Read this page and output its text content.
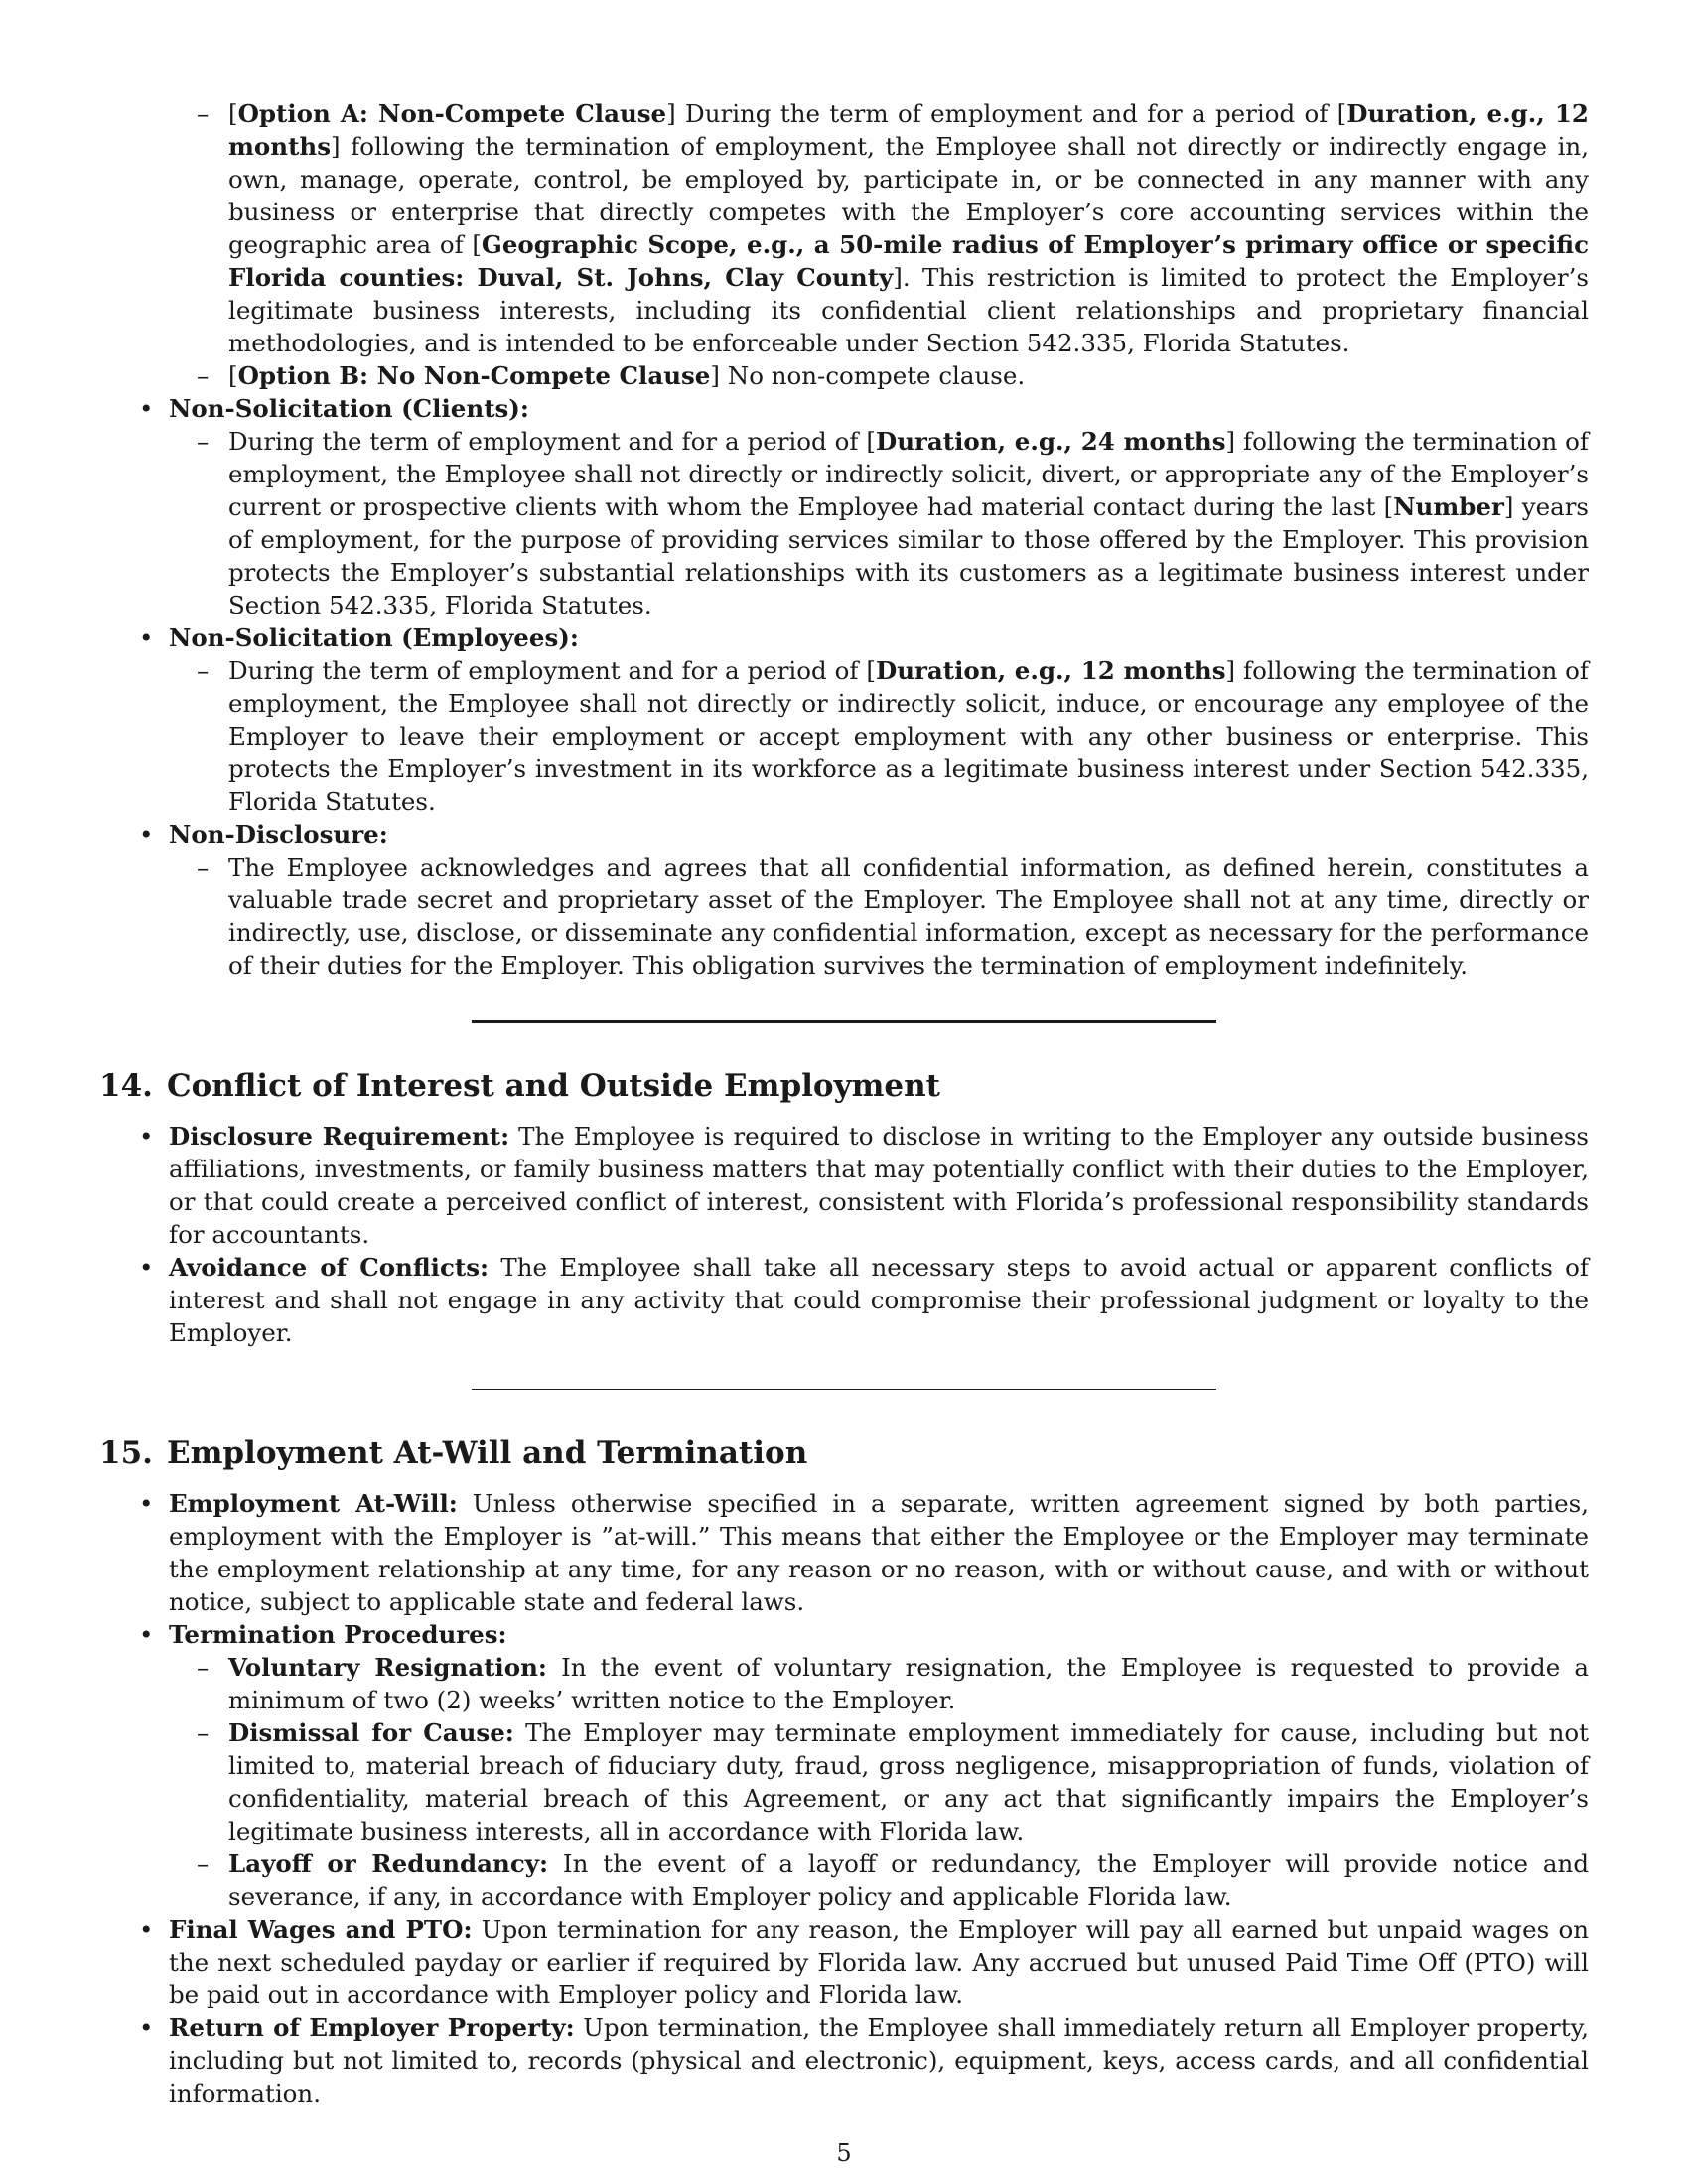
– [Option A: Non-Compete Clause] During the term of employment and for a period of [Duration, e.g., 12 months] following the termination of employment, the Employee shall not directly or indirectly engage in, own, manage, operate, control, be employed by, participate in, or be connected in any manner with any business or enterprise that directly competes with the Employer’s core accounting services within the geographic area of [Geographic Scope, e.g., a 50-mile radius of Employer’s primary office or specific Florida counties: Duval, St. Johns, Clay County]. This restriction is limited to protect the Employer’s legitimate business interests, including its confidential client relationships and proprietary financial methodologies, and is intended to be enforceable under Section 542.335, Florida Statutes.
– [Option B: No Non-Compete Clause] No non-compete clause.
• Non-Solicitation (Clients):
– During the term of employment and for a period of [Duration, e.g., 24 months] following the termination of employment, the Employee shall not directly or indirectly solicit, divert, or appropriate any of the Employer’s current or prospective clients with whom the Employee had material contact during the last [Number] years of employment, for the purpose of providing services similar to those offered by the Employer. This provision protects the Employer’s substantial relationships with its customers as a legitimate business interest under Section 542.335, Florida Statutes.
• Non-Solicitation (Employees):
– During the term of employment and for a period of [Duration, e.g., 12 months] following the termination of employment, the Employee shall not directly or indirectly solicit, induce, or encourage any employee of the Employer to leave their employment or accept employment with any other business or enterprise. This protects the Employer’s investment in its workforce as a legitimate business interest under Section 542.335, Florida Statutes.
• Non-Disclosure:
– The Employee acknowledges and agrees that all confidential information, as defined herein, constitutes a valuable trade secret and proprietary asset of the Employer. The Employee shall not at any time, directly or indirectly, use, disclose, or disseminate any confidential information, except as necessary for the performance of their duties for the Employer. This obligation survives the termination of employment indefinitely.
14. Conflict of Interest and Outside Employment
• Disclosure Requirement: The Employee is required to disclose in writing to the Employer any outside business affiliations, investments, or family business matters that may potentially conflict with their duties to the Employer, or that could create a perceived conflict of interest, consistent with Florida’s professional responsibility standards for accountants.
• Avoidance of Conflicts: The Employee shall take all necessary steps to avoid actual or apparent conflicts of interest and shall not engage in any activity that could compromise their professional judgment or loyalty to the Employer.
15. Employment At-Will and Termination
• Employment At-Will: Unless otherwise specified in a separate, written agreement signed by both parties, employment with the Employer is ”at-will.” This means that either the Employee or the Employer may terminate the employment relationship at any time, for any reason or no reason, with or without cause, and with or without notice, subject to applicable state and federal laws.
• Termination Procedures:
– Voluntary Resignation: In the event of voluntary resignation, the Employee is requested to provide a minimum of two (2) weeks’ written notice to the Employer.
– Dismissal for Cause: The Employer may terminate employment immediately for cause, including but not limited to, material breach of fiduciary duty, fraud, gross negligence, misappropriation of funds, violation of confidentiality, material breach of this Agreement, or any act that significantly impairs the Employer’s legitimate business interests, all in accordance with Florida law.
– Layoff or Redundancy: In the event of a layoff or redundancy, the Employer will provide notice and severance, if any, in accordance with Employer policy and applicable Florida law.
• Final Wages and PTO: Upon termination for any reason, the Employer will pay all earned but unpaid wages on the next scheduled payday or earlier if required by Florida law. Any accrued but unused Paid Time Off (PTO) will be paid out in accordance with Employer policy and Florida law.
• Return of Employer Property: Upon termination, the Employee shall immediately return all Employer property, including but not limited to, records (physical and electronic), equipment, keys, access cards, and all confidential information.
5
